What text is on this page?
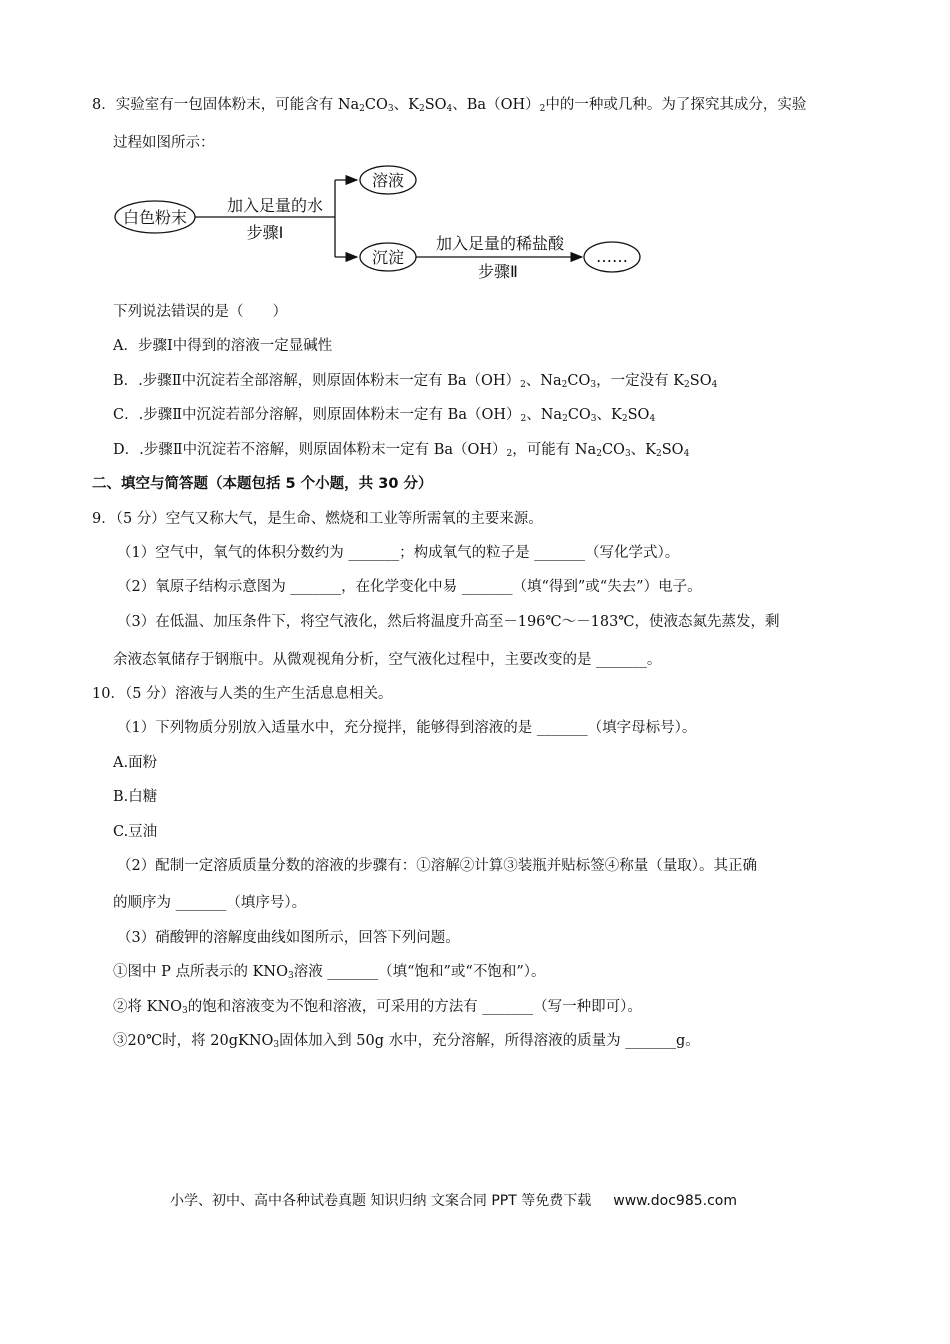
8．实验室有一包固体粉末，可能含有 $Na_2CO_3$、$K_2SO_4$、$Ba(OH)_2$中的一种或几种。为了探究其成分，实验
过程如图所示：
白色粉末
加入足量的水
步骤Ⅰ
溶液
沉淀
加入足量的稀盐酸
步骤Ⅱ
……
下列说法错误的是（　　）
A．步骤Ⅰ中得到的溶液一定显碱性
B．.步骤Ⅱ中沉淀若全部溶解，则原固体粉末一定有 $Ba(OH)_2$、$Na_2CO_3$，一定没有 $K_2SO_4$
C．.步骤Ⅱ中沉淀若部分溶解，则原固体粉末一定有 $Ba(OH)_2$、$Na_2CO_3$、$K_2SO_4$
D．.步骤Ⅱ中沉淀若不溶解，则原固体粉末一定有 $Ba(OH)_2$，可能有 $Na_2CO_3$、$K_2SO_4$
二、填空与简答题（本题包括 5 个小题，共 30 分）
9．（5 分）空气又称大气，是生命、燃烧和工业等所需氧的主要来源。
（1）空气中，氧气的体积分数约为 _______；构成氧气的粒子是 _______（写化学式）。
（2）氧原子结构示意图为 _______，在化学变化中易 _______（填“得到”或“失去”）电子。
（3）在低温、加压条件下，将空气液化，然后将温度升高至－196℃～－183℃，使液态氮先蒸发，剩
余液态氧储存于钢瓶中。从微观视角分析，空气液化过程中，主要改变的是 _______。
10．（5 分）溶液与人类的生产生活息息相关。
（1）下列物质分别放入适量水中，充分搅拌，能够得到溶液的是 _______（填字母标号）。
A.面粉
B.白糖
C.豆油
（2）配制一定溶质质量分数的溶液的步骤有：①溶解②计算③装瓶并贴标签④称量（量取）。其正确
的顺序为 _______（填序号）。
（3）硝酸钾的溶解度曲线如图所示，回答下列问题。
①图中 P 点所表示的 $KNO_3$溶液 _______（填“饱和”或“不饱和”）。
②将 $KNO_3$的饱和溶液变为不饱和溶液，可采用的方法有 _______（写一种即可）。
③20℃时，将 20gKNO$_3$固体加入到 50g 水中，充分溶解，所得溶液的质量为 _______g。
小学、初中、高中各种试卷真题 知识归纳 文案合同 PPT 等免费下载 www.doc985.com
